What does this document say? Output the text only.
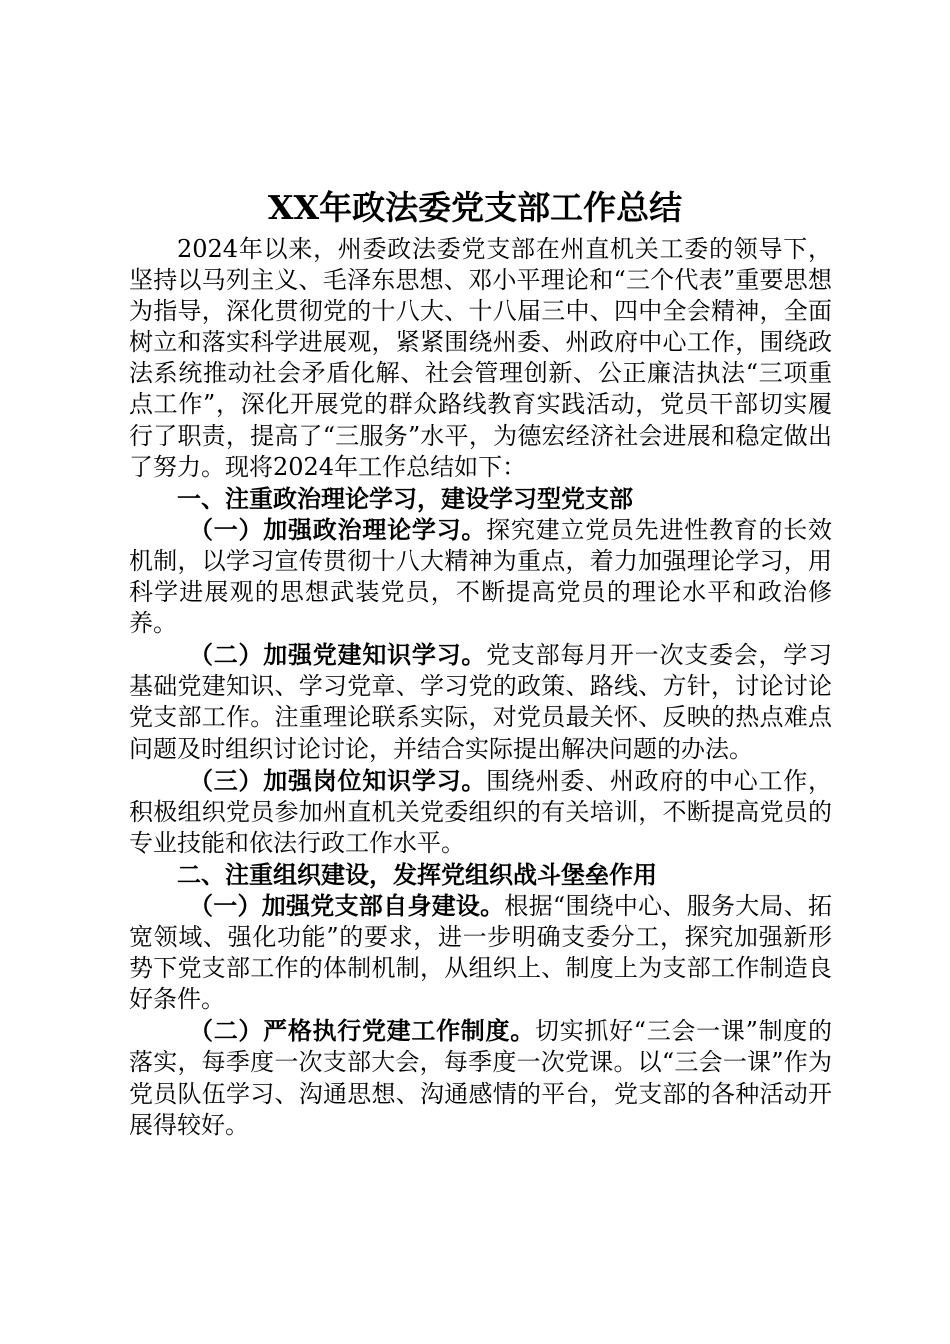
XX年政法委党支部工作总结

2024年以来，州委政法委党支部在州直机关工委的领导下，坚持以马列主义、毛泽东思想、邓小平理论和“三个代表”重要思想为指导，深化贯彻党的十八大、十八届三中、四中全会精神，全面树立和落实科学进展观，紧紧围绕州委、州政府中心工作，围绕政法系统推动社会矛盾化解、社会管理创新、公正廉洁执法“三项重点工作”，深化开展党的群众路线教育实践活动，党员干部切实履行了职责，提高了“三服务”水平，为德宏经济社会进展和稳定做出了努力。现将2024年工作总结如下：

一、注重政治理论学习，建设学习型党支部

（一）加强政治理论学习。探究建立党员先进性教育的长效机制，以学习宣传贯彻十八大精神为重点，着力加强理论学习，用科学进展观的思想武装党员，不断提高党员的理论水平和政治修养。

（二）加强党建知识学习。党支部每月开一次支委会，学习基础党建知识、学习党章、学习党的政策、路线、方针，讨论讨论党支部工作。注重理论联系实际，对党员最关怀、反映的热点难点问题及时组织讨论讨论，并结合实际提出解决问题的办法。

（三）加强岗位知识学习。围绕州委、州政府的中心工作，积极组织党员参加州直机关党委组织的有关培训，不断提高党员的专业技能和依法行政工作水平。

二、注重组织建设，发挥党组织战斗堡垒作用

（一）加强党支部自身建设。根据“围绕中心、服务大局、拓宽领域、强化功能”的要求，进一步明确支委分工，探究加强新形势下党支部工作的体制机制，从组织上、制度上为支部工作制造良好条件。

（二）严格执行党建工作制度。切实抓好“三会一课”制度的落实，每季度一次支部大会，每季度一次党课。以“三会一课”作为党员队伍学习、沟通思想、沟通感情的平台，党支部的各种活动开展得较好。
